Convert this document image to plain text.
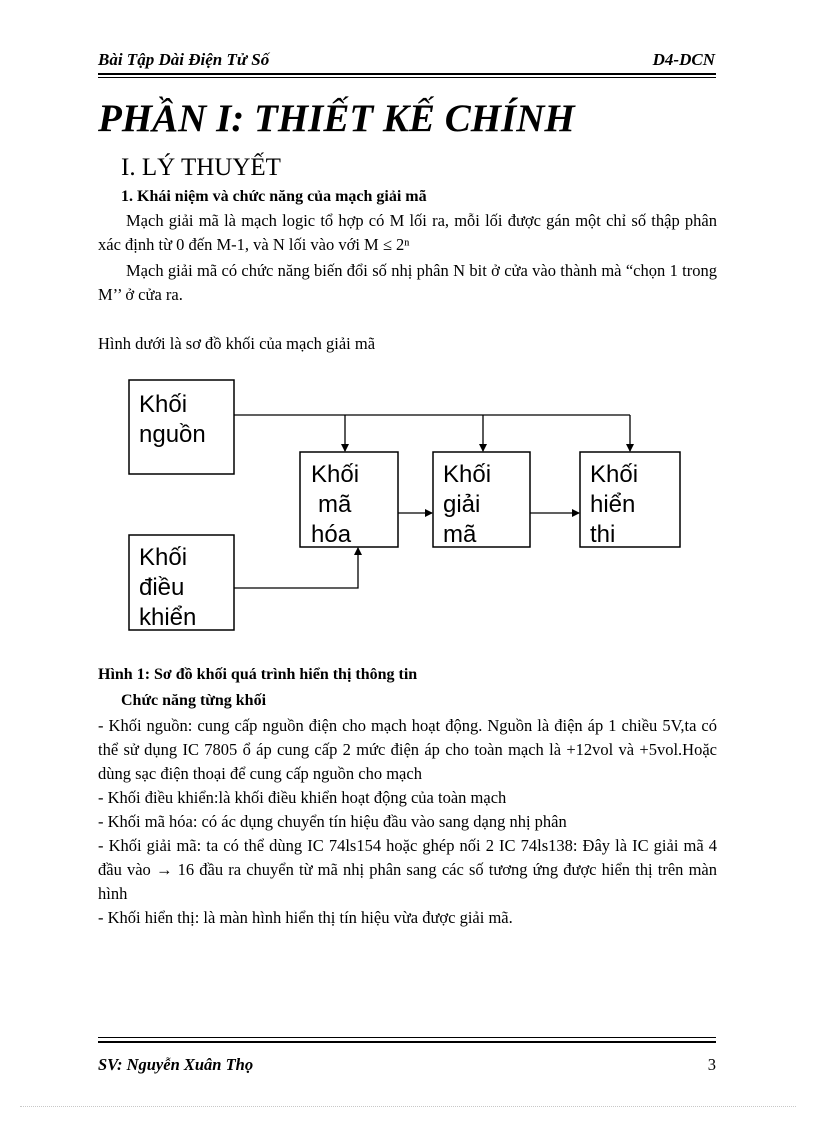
Bài Tập Dài Điện Tử Số	D4-DCN
PHẦN I: THIẾT KẾ CHÍNH
I. LÝ THUYẾT
1. Khái niệm và chức năng của mạch giải mã
Mạch giải mã là mạch logic tổ hợp có M lối ra, mỗi lối được gán một chỉ số thập phân xác định từ 0 đến M-1, và N lối vào với M ≤ 2ⁿ
Mạch giải mã có chức năng biến đổi số nhị phân N bit ở cửa vào thành mà “chọn 1 trong M’’ ở cửa ra.
Hình dưới là sơ đồ khối của mạch giải mã
Khối
nguồn
Khối
điều
khiển
Khối
mã
hóa
Khối
giải
mã
Khối
hiển
thi
Hình 1: Sơ đồ khối quá trình hiển thị thông tin
Chức năng từng khối

- Khối nguồn: cung cấp nguồn điện cho mạch hoạt động. Nguồn là điện áp 1 chiều 5V,ta có thể sử dụng IC 7805 ổ áp cung cấp 2 mức điện áp cho toàn mạch là +12vol và +5vol.Hoặc dùng sạc điện thoại để cung cấp nguồn cho mạch

- Khối điều khiển:là khối điều khiển hoạt động của toàn mạch

- Khối mã hóa: có ác dụng chuyển tín hiệu đầu vào sang dạng nhị phân

- Khối giải mã: ta có thể dùng IC 74ls154 hoặc ghép nối 2 IC 74ls138: Đây là IC giải mã 4 đầu vào → 16 đầu ra chuyển từ mã nhị phân sang các số tương ứng được hiển thị trên màn hình

- Khối hiển thị: là màn hình hiển thị tín hiệu vừa được giải mã.

SV: Nguyễn Xuân Thọ	3
